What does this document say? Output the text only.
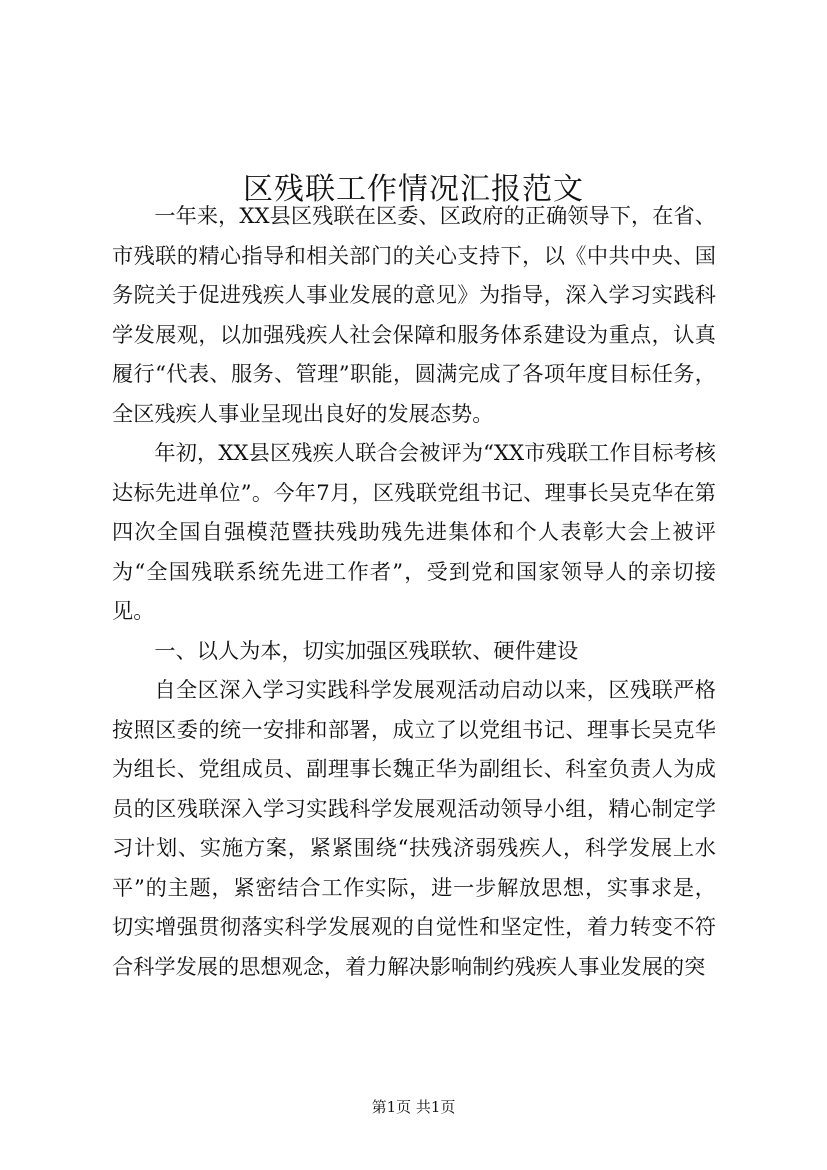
区残联工作情况汇报范文

一年来，XX县区残联在区委、区政府的正确领导下，在省、市残联的精心指导和相关部门的关心支持下，以《中共中央、国务院关于促进残疾人事业发展的意见》为指导，深入学习实践科学发展观，以加强残疾人社会保障和服务体系建设为重点，认真履行“代表、服务、管理”职能，圆满完成了各项年度目标任务，全区残疾人事业呈现出良好的发展态势。

年初，XX县区残疾人联合会被评为“XX市残联工作目标考核达标先进单位”。今年7月，区残联党组书记、理事长吴克华在第四次全国自强模范暨扶残助残先进集体和个人表彰大会上被评为“全国残联系统先进工作者”，受到党和国家领导人的亲切接见。

一、以人为本，切实加强区残联软、硬件建设

自全区深入学习实践科学发展观活动启动以来，区残联严格按照区委的统一安排和部署，成立了以党组书记、理事长吴克华为组长、党组成员、副理事长魏正华为副组长、科室负责人为成员的区残联深入学习实践科学发展观活动领导小组，精心制定学习计划、实施方案，紧紧围绕“扶残济弱残疾人，科学发展上水平”的主题，紧密结合工作实际，进一步解放思想，实事求是，切实增强贯彻落实科学发展观的自觉性和坚定性，着力转变不符合科学发展的思想观念，着力解决影响制约残疾人事业发展的突

第1页 共1页
